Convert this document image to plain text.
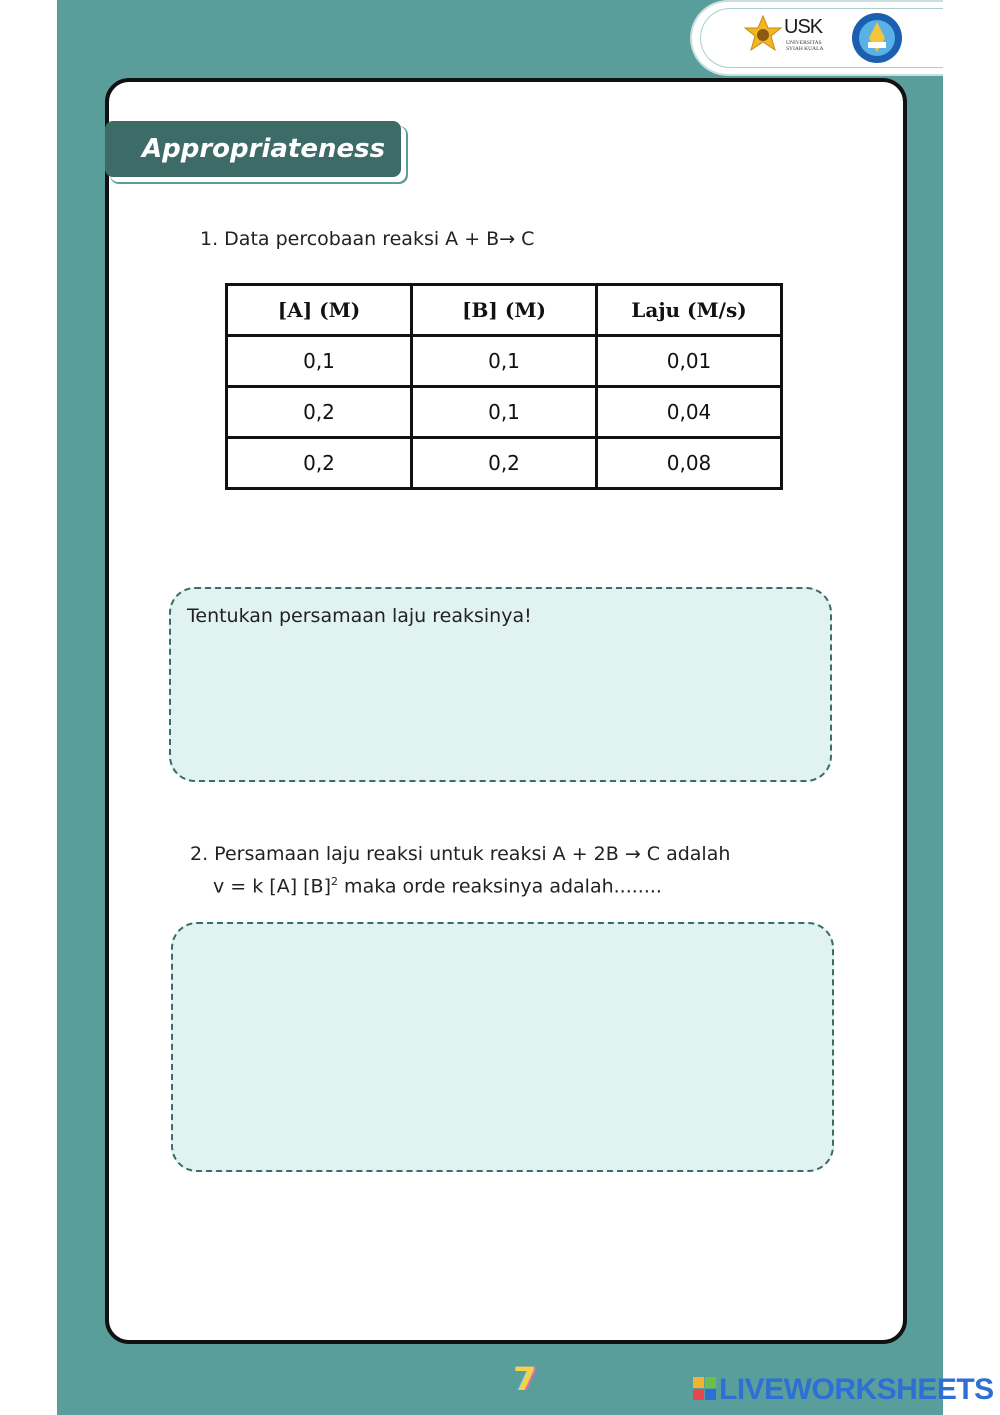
USK
UNIVERSITAS SYIAH KUALA
Appropriateness
1. Data percobaan reaksi A + B→ C
[A] (M)	[B] (M)	Laju (M/s)
0,1	0,1	0,01
0,2	0,1	0,04
0,2	0,2	0,08
Tentukan persamaan laju reaksinya!
2. Persamaan laju reaksi untuk reaksi A + 2B → C adalah
v = k [A] $[B]^2$ maka orde reaksinya adalah........
7	LIVEWORKSHEETS
